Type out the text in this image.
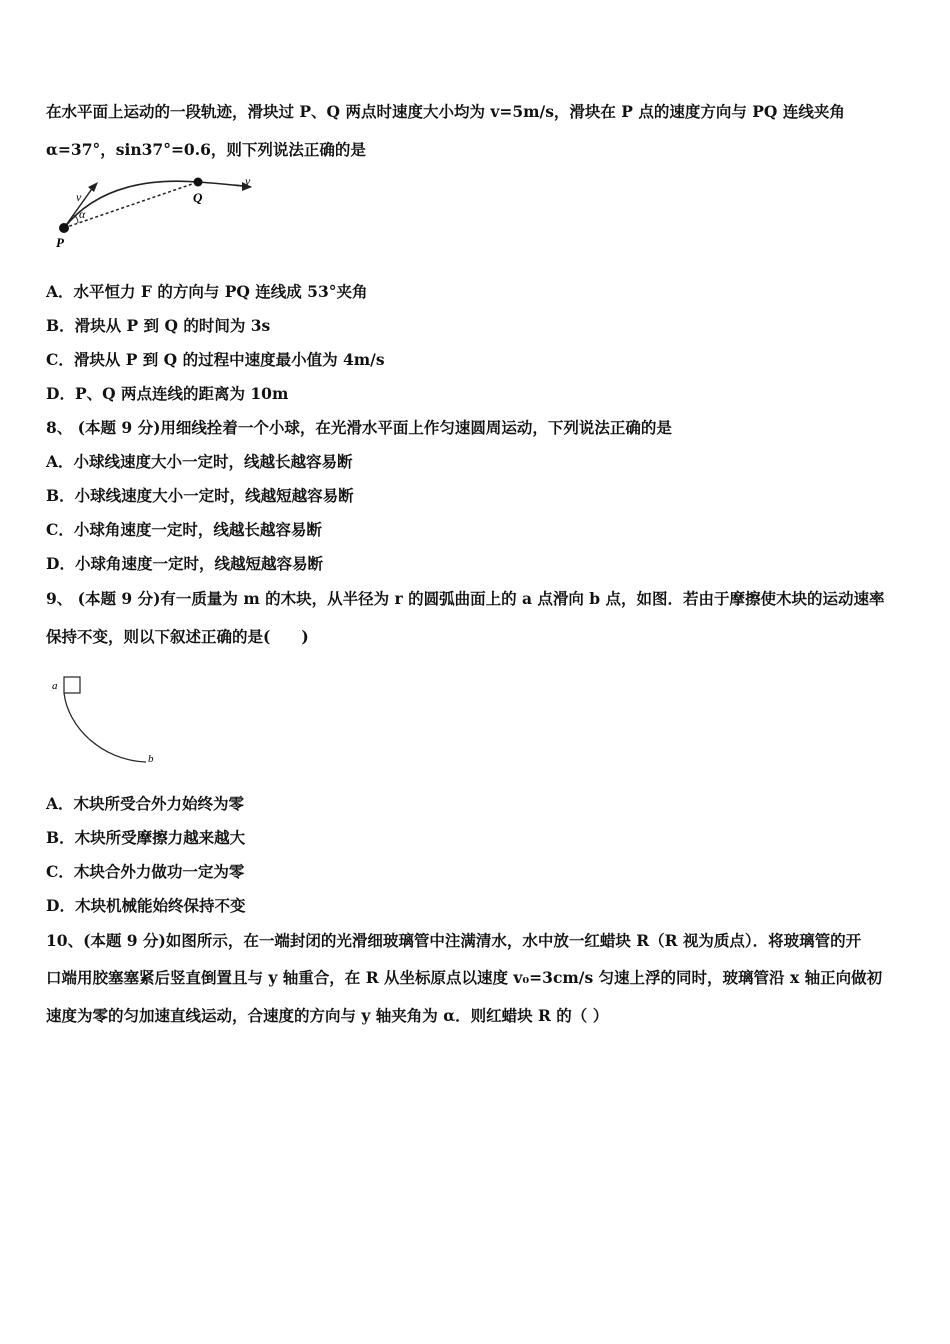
在水平面上运动的一段轨迹，滑块过 P、Q 两点时速度大小均为 v=5m/s，滑块在 P 点的速度方向与 PQ 连线夹角
α=37°，sin37°=0.6，则下列说法正确的是
v
α
v
P
Q
A．水平恒力 F 的方向与 PQ 连线成 53°夹角
B．滑块从 P 到 Q 的时间为 3s
C．滑块从 P 到 Q 的过程中速度最小值为 4m/s
D．P、Q 两点连线的距离为 10m
8、 (本题 9 分)用细线拴着一个小球，在光滑水平面上作匀速圆周运动，下列说法正确的是
A．小球线速度大小一定时，线越长越容易断
B．小球线速度大小一定时，线越短越容易断
C．小球角速度一定时，线越长越容易断
D．小球角速度一定时，线越短越容易断
9、 (本题 9 分)有一质量为 m 的木块，从半径为 r 的圆弧曲面上的 a 点滑向 b 点，如图．若由于摩擦使木块的运动速率
保持不变，则以下叙述正确的是(　　)
a
b
A．木块所受合外力始终为零
B．木块所受摩擦力越来越大
C．木块合外力做功一定为零
D．木块机械能始终保持不变
10、(本题 9 分)如图所示，在一端封闭的光滑细玻璃管中注满清水，水中放一红蜡块 R（R 视为质点）．将玻璃管的开
口端用胶塞塞紧后竖直倒置且与 y 轴重合，在 R 从坐标原点以速度 v₀=3cm/s 匀速上浮的同时，玻璃管沿 x 轴正向做初
速度为零的匀加速直线运动，合速度的方向与 y 轴夹角为 α．则红蜡块 R 的（ ）
